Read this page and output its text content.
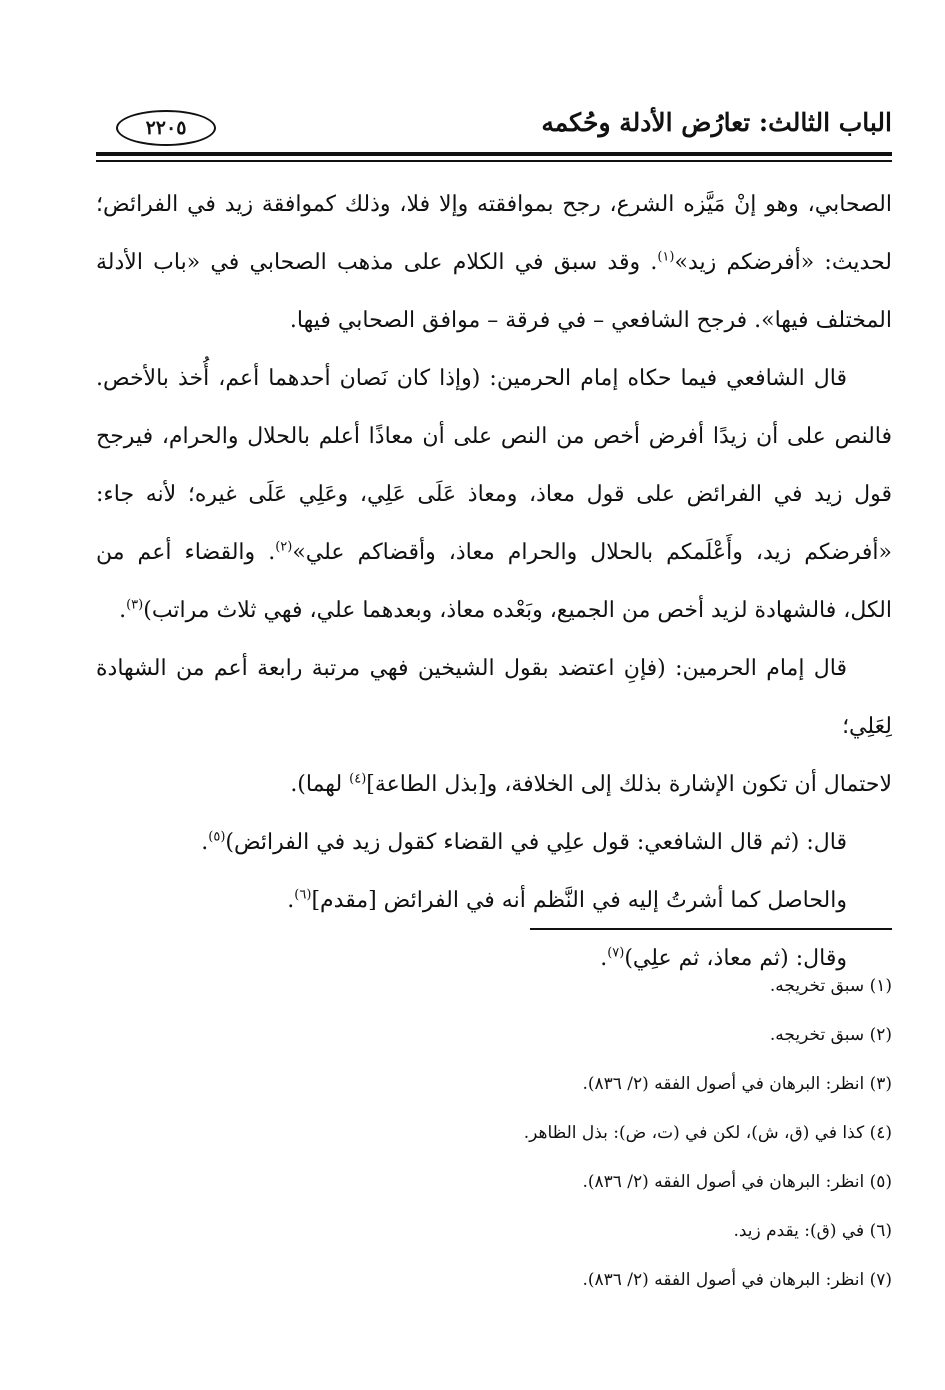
الباب الثالث: تعارُض الأدلة وحُكمه
٢٢٠٥

الصحابي، وهو إنْ مَيَّزه الشرع، رجح بموافقته وإلا فلا، وذلك كموافقة زيد في الفرائض؛
لحديث: «أفرضكم زيد»$^{(١)}$. وقد سبق في الكلام على مذهب الصحابي في «باب الأدلة
المختلف فيها». فرجح الشافعي – في فرقة – موافق الصحابي فيها.

قال الشافعي فيما حكاه إمام الحرمين: (وإذا كان نَصان أحدهما أعم، أُخذ بالأخص.
فالنص على أن زيدًا أفرض أخص من النص على أن معاذًا أعلم بالحلال والحرام، فيرجح
قول زيد في الفرائض على قول معاذ، ومعاذ عَلَى عَلِي، وعَلِي عَلَى غيره؛ لأنه جاء:
«أفرضكم زيد، وأَعْلَمكم بالحلال والحرام معاذ، وأقضاكم علي»$^{(٢)}$. والقضاء أعم من
الكل، فالشهادة لزيد أخص من الجميع، وبَعْده معاذ، وبعدهما علي، فهي ثلاث مراتب)$^{(٣)}$.

قال إمام الحرمين: (فإنِ اعتضد بقول الشيخين فهي مرتبة رابعة أعم من الشهادة لِعَلِي؛
لاحتمال أن تكون الإشارة بذلك إلى الخلافة، و[بذل الطاعة]$^{(٤)}$ لهما).

قال: (ثم قال الشافعي: قول علِي في القضاء كقول زيد في الفرائض)$^{(٥)}$.

والحاصل كما أشرتُ إليه في النَّظم أنه في الفرائض [مقدم]$^{(٦)}$.

وقال: (ثم معاذ، ثم علِي)$^{(٧)}$.

(١) سبق تخريجه.
(٢) سبق تخريجه.
(٣) انظر: البرهان في أصول الفقه (٢/ ٨٣٦).
(٤) كذا في (ق، ش)، لكن في (ت، ض): بذل الظاهر.
(٥) انظر: البرهان في أصول الفقه (٢/ ٨٣٦).
(٦) في (ق): يقدم زيد.
(٧) انظر: البرهان في أصول الفقه (٢/ ٨٣٦).
